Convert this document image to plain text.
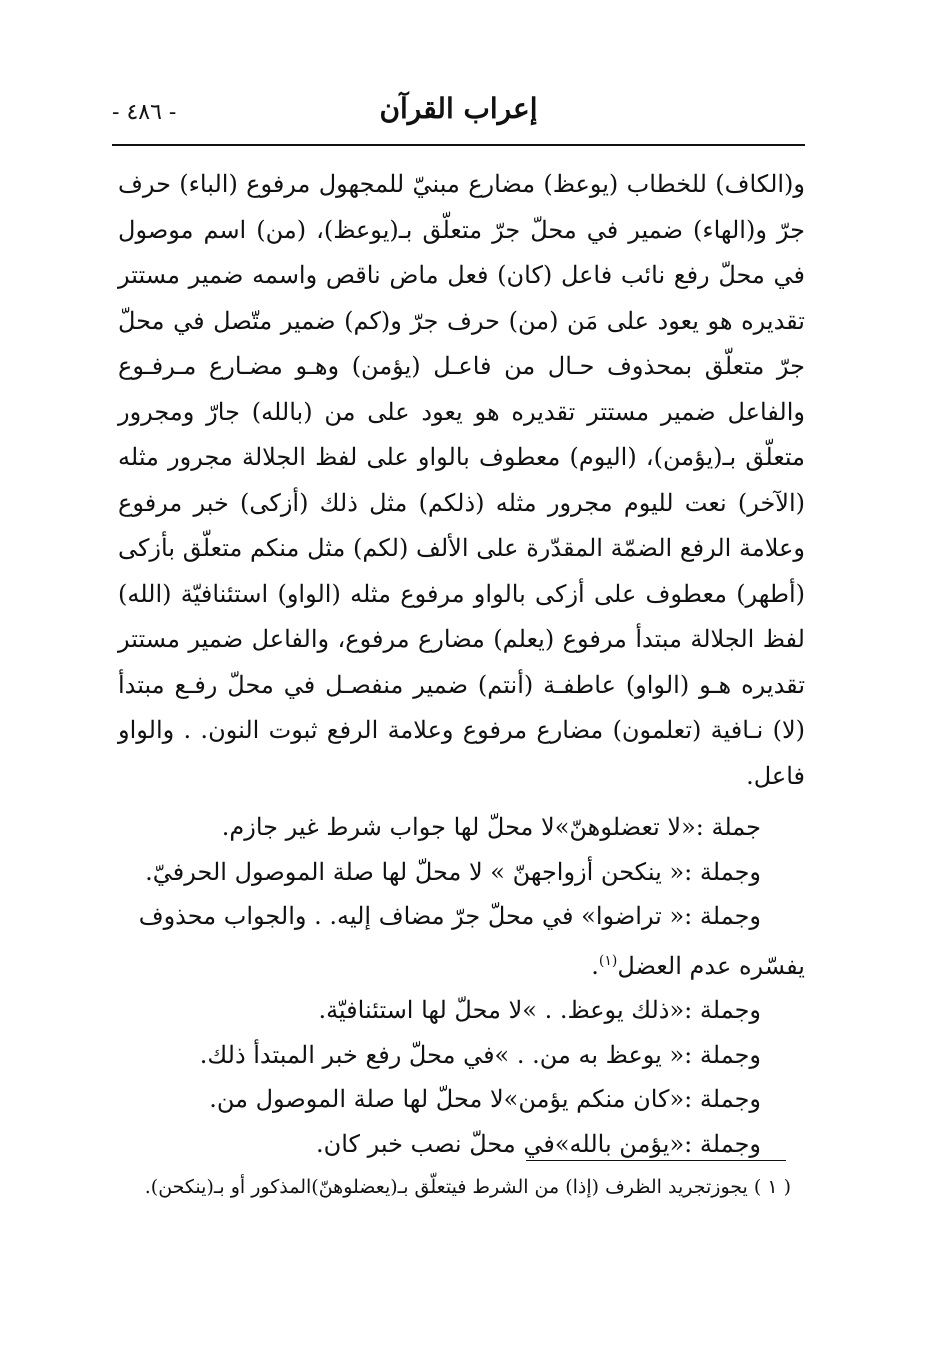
- ٤٨٦ -	إعراب القرآن

و(الكاف) للخطاب (يوعظ) مضارع مبنيّ للمجهول مرفوع (الباء) حرف جرّ و(الهاء) ضمير في محلّ جرّ متعلّق بـ(يوعظ)، (من) اسم موصول في محلّ رفع نائب فاعل (كان) فعل ماض ناقص واسمه ضمير مستتر تقديره هو يعود على مَن (من) حرف جرّ و(كم) ضمير متّصل في محلّ جرّ متعلّق بمحذوف حـال من فاعـل (يؤمن) وهـو مضـارع مـرفـوع والفاعل ضمير مستتر تقديره هو يعود على من (بالله) جارّ ومجرور متعلّق بـ(يؤمن)، (اليوم) معطوف بالواو على لفظ الجلالة مجرور مثله (الآخر) نعت لليوم مجرور مثله (ذلكم) مثل ذلك (أزكى) خبر مرفوع وعلامة الرفع الضمّة المقدّرة على الألف (لكم) مثل منكم متعلّق بأزكى (أطهر) معطوف على أزكى بالواو مرفوع مثله (الواو) استئنافيّة (الله) لفظ الجلالة مبتدأ مرفوع (يعلم) مضارع مرفوع، والفاعل ضمير مستتر تقديره هـو (الواو) عاطفـة (أنتم) ضمير منفصـل في محلّ رفـع مبتدأ (لا) نـافية (تعلمون) مضارع مرفوع وعلامة الرفع ثبوت النون. . والواو فاعل.

جملة :«لا تعضلوهنّ»لا محلّ لها جواب شرط غير جازم.

وجملة :« ينكحن أزواجهنّ » لا محلّ لها صلة الموصول الحرفيّ.

وجملة :« تراضوا» في محلّ جرّ مضاف إليه. . والجواب محذوف
يفسّره عدم العضل$^{(١)}$.

وجملة :«ذلك يوعظ. . »لا محلّ لها استئنافيّة.

وجملة :« يوعظ به من. . »في محلّ رفع خبر المبتدأ ذلك.

وجملة :«كان منكم يؤمن»لا محلّ لها صلة الموصول من.

وجملة :«يؤمن بالله»في محلّ نصب خبر كان.

( ١ ) يجوزتجريد الظرف (إذا) من الشرط فيتعلّق بـ(يعضلوهنّ)المذكور أو بـ(ينكحن).
